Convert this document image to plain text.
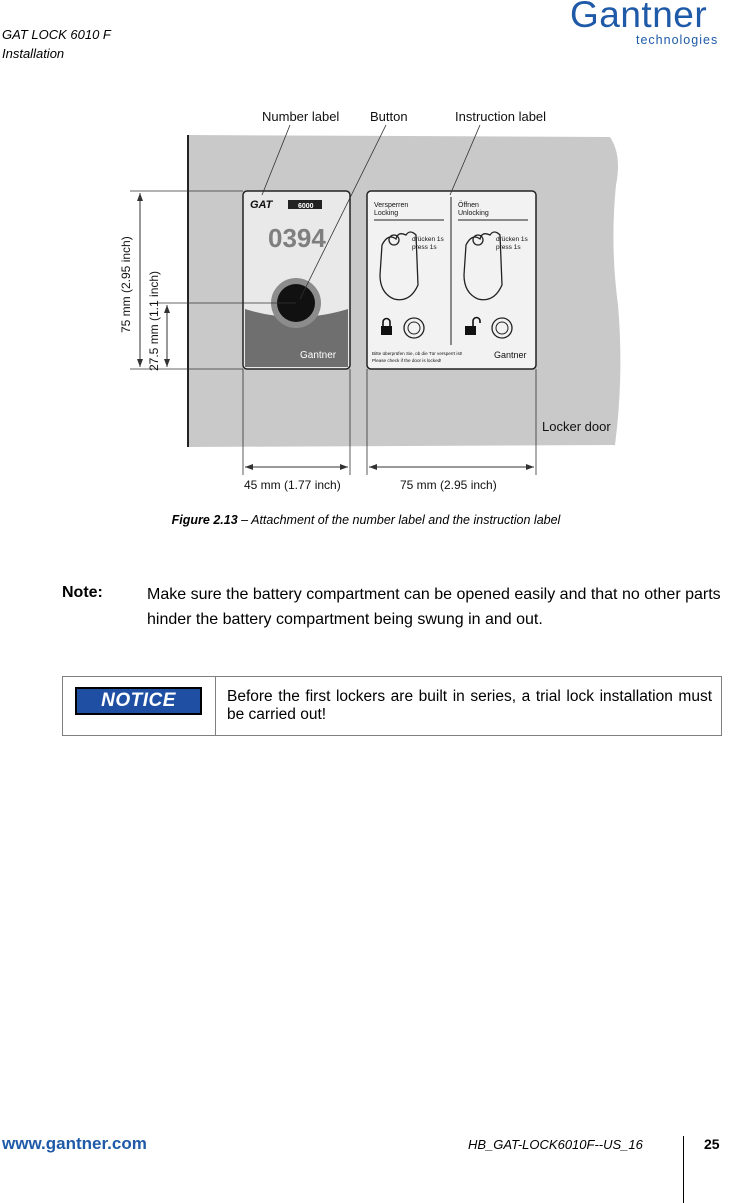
GAT LOCK 6010 F
Installation
Gantner
technologies
GAT	6000
0394
Gantner
Versperren
Locking
Öffnen
Unlocking
drücken 1s
press 1s
drücken 1s
press 1s
Bitte überprüfen Sie, ob die Tür versperrt ist!
Please check if the door is locked!
Gantner
Number label Button	Instruction label
Locker door
75 mm (2.95 inch) 27.5 mm (1.1 inch)
45 mm (1.77 inch)	75 mm (2.95 inch)
Figure 2.13 – Attachment of the number label and the instruction label
Note:	Make sure the battery compartment can be opened easily and that no other parts hinder the battery compartment being swung in and out.
NOTICE	Before the first lockers are built in series, a trial lock installation must be carried out!
www.gantner.com	HB_GAT-LOCK6010F--US_16	25
